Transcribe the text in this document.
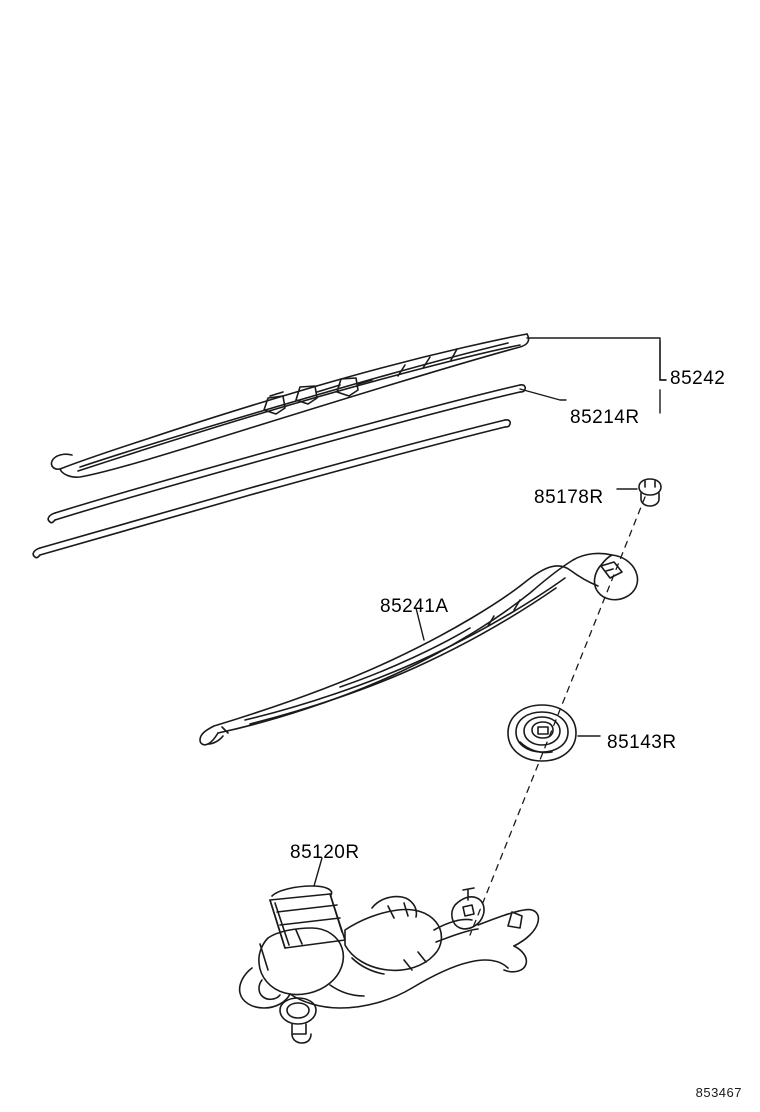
85242
85214R
85178R
85241A
85143R
85120R
853467
